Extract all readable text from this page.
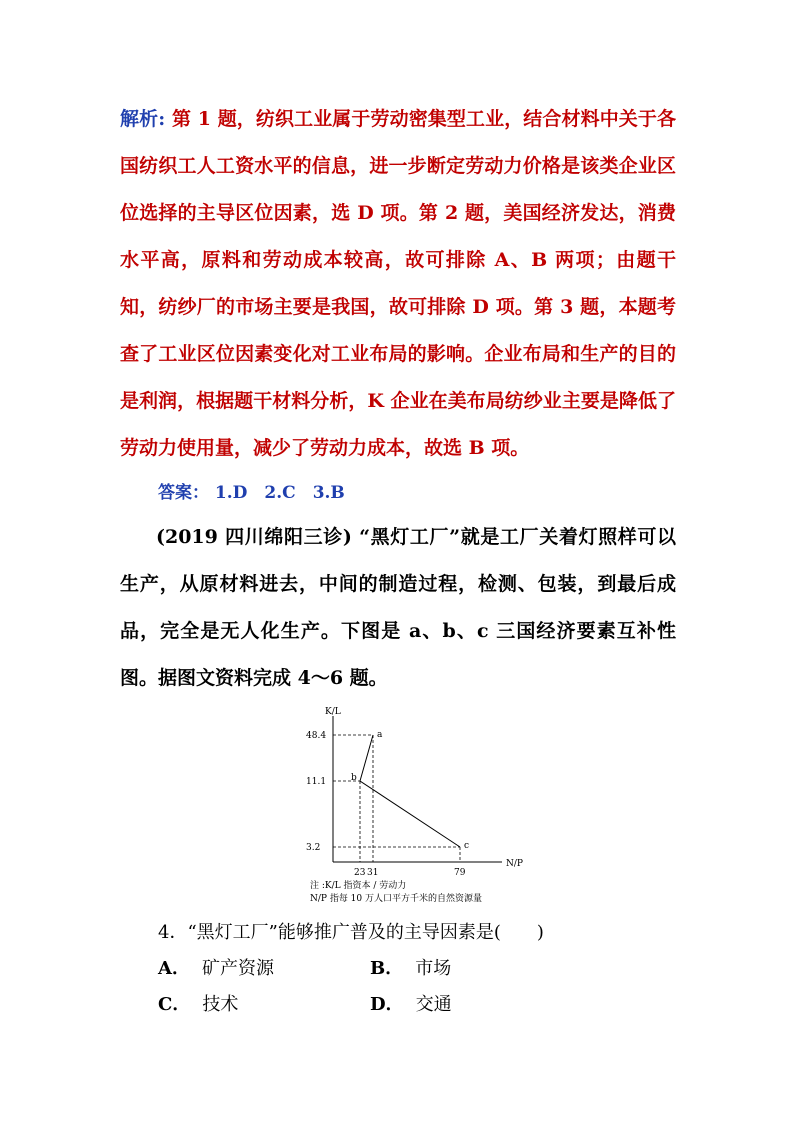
解析: 第 1 题，纺织工业属于劳动密集型工业，结合材料中关于各国纺织工人工资水平的信息，进一步断定劳动力价格是该类企业区位选择的主导区位因素，选 D 项。第 2 题，美国经济发达，消费水平高，原料和劳动成本较高，故可排除 A、B 两项；由题干知，纺纱厂的市场主要是我国，故可排除 D 项。第 3 题，本题考查了工业区位因素变化对工业布局的影响。企业布局和生产的目的是利润，根据题干材料分析，K 企业在美布局纺纱业主要是降低了劳动力使用量，减少了劳动力成本，故选 B 项。

答案： 1.D　2.C　3.B

(2019 四川绵阳三诊) “黑灯工厂”就是工厂关着灯照样可以生产，从原材料进去，中间的制造过程，检测、包装，到最后成品，完全是无人化生产。下图是 a、b、c 三国经济要素互补性图。据图文资料完成 4～6 题。

K/L
N/P
48.4
11.1
3.2
23 31	79
a
b
c
注 :K/L 指资本 / 劳动力
N/P 指每 10 万人口平方千米的自然资源量
4．“黑灯工厂”能够推广普及的主导因素是(　　)
A． 矿产资源	B． 市场
C． 技术	D． 交通
